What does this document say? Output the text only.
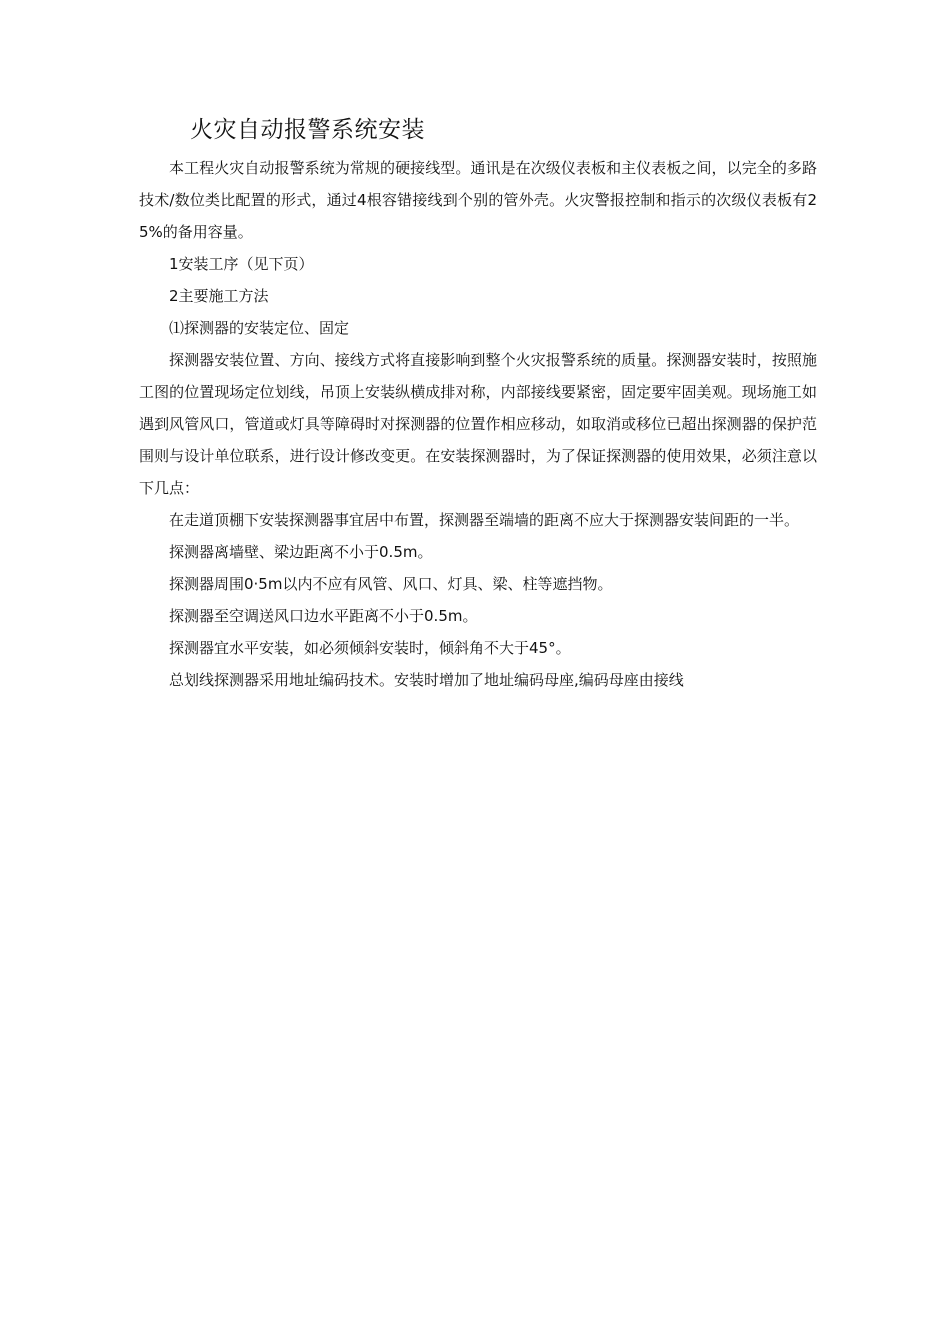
火灾自动报警系统安装

本工程火灾自动报警系统为常规的硬接线型。通讯是在次级仪表板和主仪表板之间，以完全的多路技术/数位类比配置的形式，通过4根容错接线到个别的管外壳。火灾警报控制和指示的次级仪表板有25%的备用容量。

1安装工序（见下页）

2主要施工方法

⑴探测器的安装定位、固定

探测器安装位置、方向、接线方式将直接影响到整个火灾报警系统的质量。探测器安装时，按照施工图的位置现场定位划线，吊顶上安装纵横成排对称，内部接线要紧密，固定要牢固美观。现场施工如遇到风管风口，管道或灯具等障碍时对探测器的位置作相应移动，如取消或移位已超出探测器的保护范围则与设计单位联系，进行设计修改变更。在安装探测器时，为了保证探测器的使用效果，必须注意以下几点：

在走道顶棚下安装探测器事宜居中布置，探测器至端墙的距离不应大于探测器安装间距的一半。

探测器离墙壁、梁边距离不小于0.5m。

探测器周围0·5m以内不应有风管、风口、灯具、梁、柱等遮挡物。

探测器至空调送风口边水平距离不小于0.5m。

探测器宜水平安装，如必须倾斜安装时，倾斜角不大于45°。

总划线探测器采用地址编码技术。安装时增加了地址编码母座,编码母座由接线
